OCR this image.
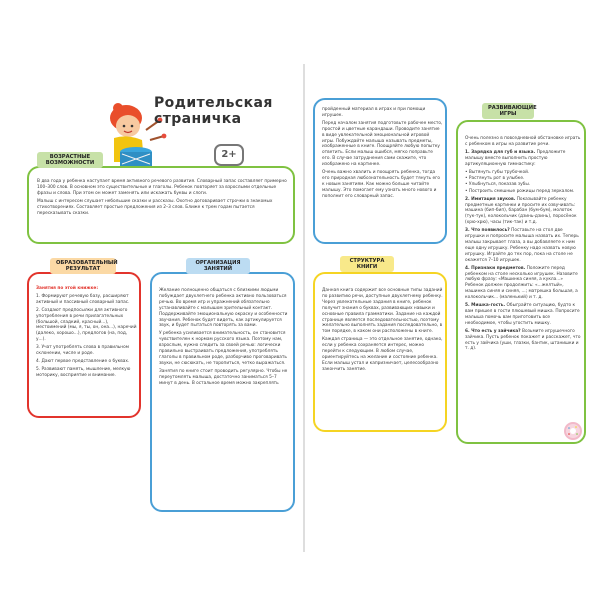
Родительская
страничка
2+

В два года у ребенка наступает время активного речевого развития. Словарный запас составляет примерно 100–300 слов. В основном это существительные и глаголы. Ребенок повторяет за взрослыми отдельные фразы и слова. При этом он может заменять или искажать буквы и слоги.

Малыш с интересом слушает небольшие сказки и рассказы. Охотно договаривает строчки в знакомых стихотворениях. Составляет простые предложения из 2–3 слов. Ближе к трем годам пытается пересказывать сказки.

ВОЗРАСТНЫЕ ВОЗМОЖНОСТИ

Занятия по этой книжке:

1. Формируют речевую базу, расширяют активный и пассивный словарный запас.

2. Создают предпосылки для активного употребления в речи прилагательных (большой, сладкий, красный...), местоимений (мы, я, ты, он, она...), наречий (далеко, хорошо...), предлогов (на, под, у...).

3. Учат употреблять слова в правильном склонении, числе и роде.

4. Дают первое представление о буквах.

5. Развивают память, мышление, мелкую моторику, восприятие и внимание.

ОБРАЗОВАТЕЛЬНЫЙ РЕЗУЛЬТАТ

Желание полноценно общаться с близкими людьми побуждает двухлетнего ребенка активно пользоваться речью. Во время игр и упражнений обязательно устанавливайте с малышом зрительный контакт. Поддерживайте эмоциональную окраску и особенности звучания. Ребенок будет видеть, как артикулируется звук, и будет пытаться повторять за вами.

У ребенка усиливается внимательность, он становится чувствителен к нормам русского языка. Поэтому нам, взрослым, нужно следить за своей речью: логически правильно выстраивать предложения, употреблять глаголы в правильном роде, разборчиво проговаривать звуки, не сюсюкать, не торопиться, четко выражаться.

Занятия по книге стоит проводить регулярно. Чтобы не переутомлять малыша, достаточно заниматься 5–7 минут в день. В остальное время можно закреплять

ОРГАНИЗАЦИЯ ЗАНЯТИЙ

пройденный материал в играх и при помощи игрушек.

Перед началом занятия подготовьте рабочее место, простой и цветные карандаши. Проводите занятие в виде увлекательной эмоциональной игровой игры. Побуждайте малыша называть предметы, изображенные в книге. Поощряйте любую попытку ответить. Если малыш ошибся, мягко поправьте его. В случае затруднения сами скажите, что изображено на картинке.

Очень важно хвалить и поощрять ребенка, тогда его природная любознательность будет тянуть его к новым занятиям. Как можно больше читайте малышу. Это помогает ему узнать много нового и пополнит его словарный запас.

Данная книга содержит все основные типы заданий по развитию речи, доступные двухлетнему ребенку. Через увлекательные задания в книге, ребенок получит знания о буквах, развивающих навыки и основные правила грамматики. Задание на каждой странице является последовательностью, поэтому желательно выполнять задания последовательно, в том порядке, в каком они расположены в книге.

Каждая страница — это отдельное занятие, однако, если у ребенка сохраняется интерес, можно перейти к следующим. В любом случае, ориентируйтесь на желание и состояние ребенка. Если малыш устал и капризничает, целесообразно закончить занятие.

СТРУКТУРА КНИГИ

Очень полезно в повседневной обстановке играть с ребенком в игры на развитие речи.

1. Зарядка для губ и языка. Предложите малышу вместе выполнить простую артикуляционную гимнастику:

• Вытянуть губы трубочкой.

• Растянуть рот в улыбке.

• Улыбнуться, показав зубы.

• Построить смешные рожицы перед зеркалом.

2. Имитация звуков. Показывайте ребенку предметные картинки и просите их озвучивать: машина (бип-бип), барабан (бум-бум), молоток (тук-тук), колокольчик (дзинь-дзинь), поросёнок (хрю-хрю), часы (тик-так) и т.д.

3. Что появилось? Поставьте на стол две игрушки и попросите малыша назвать их. Теперь малыш закрывает глаза, а вы добавляете к ним еще одну игрушку. Ребенку надо назвать новую игрушку. Играйте до тех пор, пока на столе не окажется 7–10 игрушек.

4. Признаки предметов. Положите перед ребенком на столе несколько игрушек. Назовите любую фразу: «Машинка синяя, а кукла...» Ребенок должен продолжить: «...желтый», машинка синяя и синяя, ...; матрешка большая, а колокольчик... (маленький) и т. д.

5. Мишка-гость. Обыграйте ситуацию, будто к вам пришел в гости плюшевый мишка. Попросите малыша помочь вам приготовить все необходимое, чтобы угостить мишку.

6. Что есть у зайчика? Возьмите игрушечного зайчика. Пусть ребенок покажет и расскажет, что есть у зайчика (уши, глазки, бантик, штанишки и т. д).

РАЗВИВАЮЩИЕ ИГРЫ
